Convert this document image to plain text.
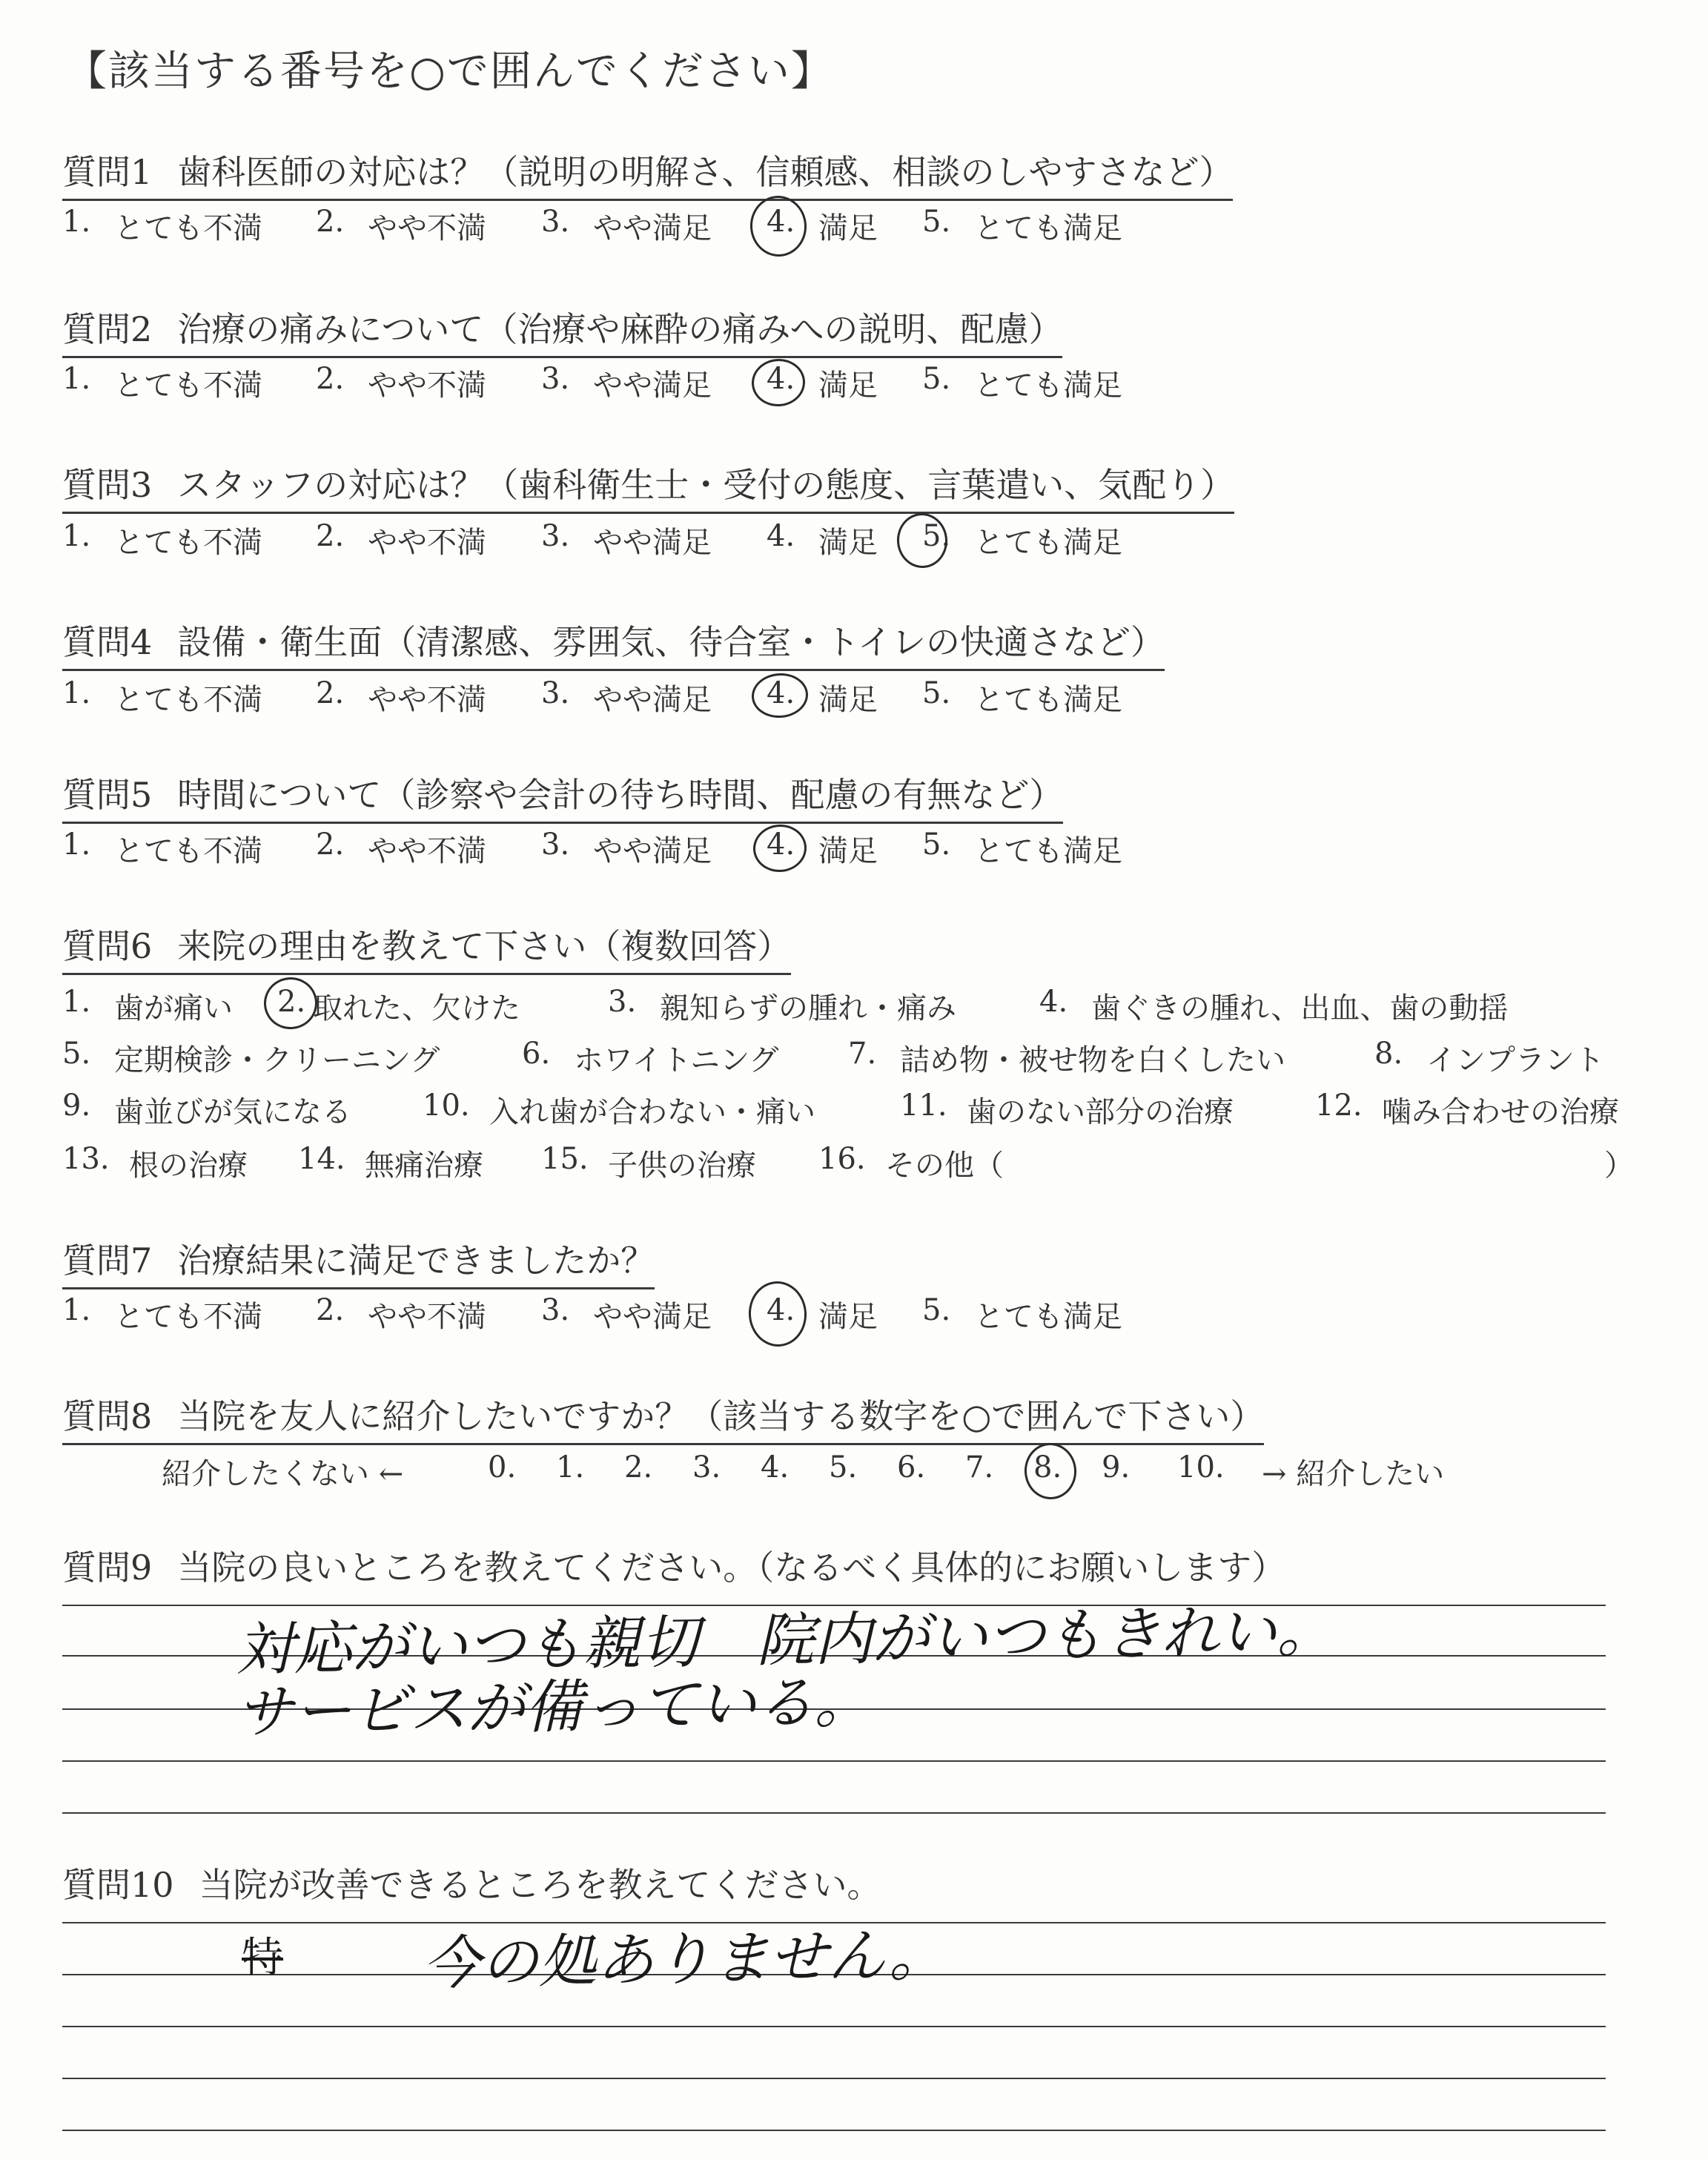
【該当する番号を○で囲んでください】
質問1 歯科医師の対応は？（説明の明解さ、信頼感、相談のしやすさなど）
1. とても不満 2. やや不満 3. やや満足 4. 満足 5. とても満足
質問2 治療の痛みについて（治療や麻酔の痛みへの説明、配慮）
1. とても不満 2. やや不満 3. やや満足 4. 満足 5. とても満足
質問3 スタッフの対応は？（歯科衛生士・受付の態度、言葉遣い、気配り）
1. とても不満 2. やや不満 3. やや満足 4. 満足 5. とても満足
質問4 設備・衛生面（清潔感、雰囲気、待合室・トイレの快適さなど）
1. とても不満 2. やや不満 3. やや満足 4. 満足 5. とても満足
質問5 時間について（診察や会計の待ち時間、配慮の有無など）
1. とても不満 2. やや不満 3. やや満足 4. 満足 5. とても満足
質問6 来院の理由を教えて下さい（複数回答）
1. 歯が痛い 2. 取れた、欠けた	3. 親知らずの腫れ・痛み	4. 歯ぐきの腫れ、出血、歯の動揺
5. 定期検診・クリーニング	6. ホワイトニング 7. 詰め物・被せ物を白くしたい	8. インプラント
9. 歯並びが気になる 10. 入れ歯が合わない・痛い	11. 歯のない部分の治療	12. 噛み合わせの治療
13. 根の治療 14. 無痛治療 15. 子供の治療 16. その他（	）
質問7 治療結果に満足できましたか？
1. とても不満 2. やや不満 3. やや満足 4. 満足 5. とても満足
質問8 当院を友人に紹介したいですか？（該当する数字を○で囲んで下さい）
紹介したくない ←	0. 1. 2. 3. 4. 5. 6. 7. 8. 9. 10. → 紹介したい
質問9 当院の良いところを教えてください。（なるべく具体的にお願いします）
対応がいつも親切　院内がいつもきれい。
サービスが備っている。
質問10 当院が改善できるところを教えてください。
特 今の処ありません。
